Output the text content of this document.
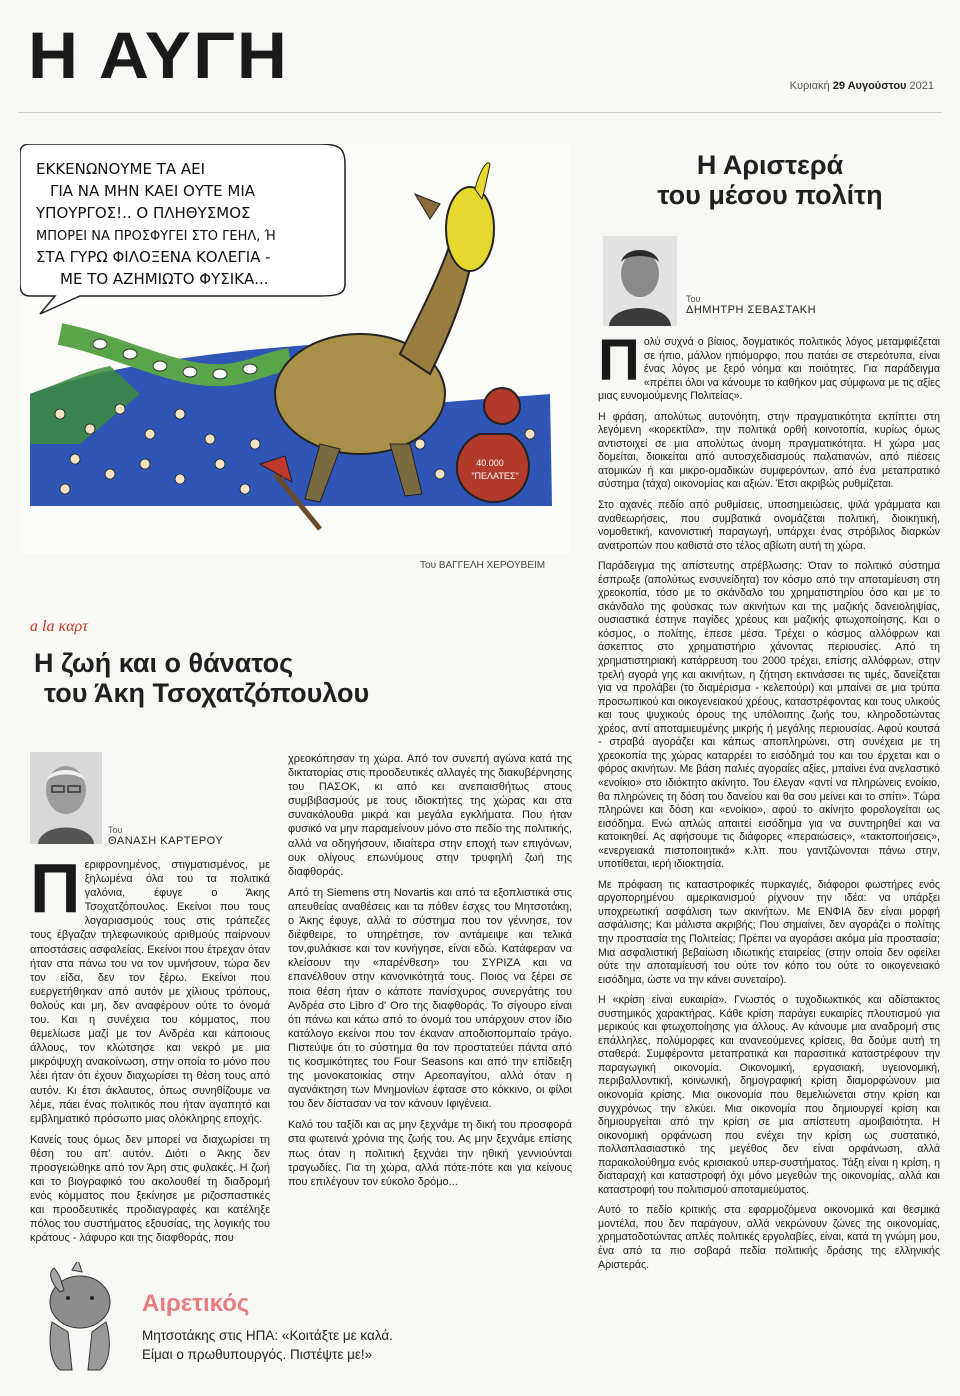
Η ΑΥΓΗ	Κυριακή 29 Αυγούστου 2021
40.000
"ΠΕΛΑΤΕΣ"
ΕΚΚΕΝΩΝΟΥΜΕ ΤΑ ΑΕΙ
ΓΙΑ ΝΑ ΜΗΝ ΚΑΕΙ ΟΥΤΕ ΜΙΑ
ΥΠΟΥΡΓΟΣ!.. Ο ΠΛΗΘΥΣΜΟΣ
ΜΠΟΡΕΙ ΝΑ ΠΡΟΣΦΥΓΕΙ ΣΤΟ ΓΕΗΛ, Ή
ΣΤΑ ΓΥΡΩ ΦΙΛΟΞΕΝΑ ΚΟΛΕΓΙΑ -
ΜΕ ΤΟ ΑΖΗΜΙΩΤΟ ΦΥΣΙΚΑ...
Του ΒΑΓΓΕΛΗ ΧΕΡΟΥΒΕΙΜ
a la καρτ
Η ζωή και ο θάνατος
του Άκη Τσοχατζόπουλου
Του
ΘΑΝΑΣΗ ΚΑΡΤΕΡΟΥ

Περιφρονημένος, στιγματισμένος, με ξηλωμένα όλα του τα πολιτικά γαλόνια, έφυγε ο Άκης Τσοχατζόπουλος. Εκείνοι που τους λογαριασμούς τους στις τράπεζες τους έβγαζαν τηλεφωνικούς αριθμούς παίρνουν αποστάσεις ασφαλείας. Εκείνοι που έτρεχαν όταν ήταν στα πάνω του να τον υμνήσουν, τώρα δεν τον είδα, δεν τον ξέρω. Εκείνοι που ευεργετήθηκαν από αυτόν με χίλιους τρόπους, θολούς και μη, δεν αναφέρουν ούτε το όνομά του. Και η συνέχεια του κόμματος, που θεμελίωσε μαζί με τον Ανδρέα και κάποιους άλλους, τον κλώτσησε και νεκρό με μια μικρόψυχη ανακοίνωση, στην οποία το μόνο που λέει ήταν ότι έχουν διαχωρίσει τη θέση τους από αυτόν. Κι έτσι άκλαυτος, όπως συνηθίζουμε να λέμε, πάει ένας πολιτικός που ήταν αγαπητό και εμβληματικό πρόσωπο μιας ολόκληρης εποχής.

Κανείς τους όμως δεν μπορεί να διαχωρίσει τη θέση του απ' αυτόν. Διότι ο Άκης δεν προσγειώθηκε από τον Άρη στις φυλακές. Η ζωή και το βιογραφικό του ακολουθεί τη διαδρομή ενός κόμματος που ξεκίνησε με ριζοσπαστικές και προοδευτικές προδιαγραφές και κατέληξε πόλος του συστήματος εξουσίας, της λογικής του κράτους - λάφυρο και της διαφθοράς, που

χρεοκόπησαν τη χώρα. Από τον συνεπή αγώνα κατά της δικτατορίας στις προοδευτικές αλλαγές της διακυβέρνησης του ΠΑΣΟΚ, κι από κει ανεπαισθήτως στους συμβιβασμούς με τους ιδιοκτήτες της χώρας και στα συνακόλουθα μικρά και μεγάλα εγκλήματα. Που ήταν φυσικό να μην παραμείνουν μόνο στο πεδίο της πολιτικής, αλλά να οδηγήσουν, ιδιαίτερα στην εποχή των επιγόνων, ουκ ολίγους επωνύμους στην τρυφηλή ζωή της διαφθοράς.

Από τη Siemens στη Novartis και από τα εξοπλιστικά στις απευθείας αναθέσεις και τα πόθεν έσχες του Μητσοτάκη, ο Άκης έφυγε, αλλά το σύστημα που τον γέννησε, τον διέφθειρε, το υπηρέτησε, τον αντάμειψε και τελικά τον,φυλάκισε και τον κυνήγησε, είναι εδώ. Κατάφεραν να κλείσουν την «παρένθεση» του ΣΥΡΙΖΑ και να επανέλθουν στην κανονικότητά τους. Ποιος να ξέρει σε ποια θέση ήταν ο κάποτε πανίσχυρος συνεργάτης του Ανδρέα στο Libro d' Oro της διαφθοράς. Το σίγουρο είναι ότι πάνω και κάτω από το όνομά του υπάρχουν στον ίδιο κατάλογο εκείνοι που τον έκαναν αποδιοπομπαίο τράγο. Πιστεύψε ότι το σύστημα θα τον προστατεύει πάντα από τις κοσμικότητες του Four Seasons και από την επίδειξη της μονοκατοικίας στην Αρεοπαγίτου, αλλά όταν η αγανάκτηση των Μνημονίων έφτασε στο κόκκινο, οι φίλοι του δεν δίστασαν να τον κάνουν Ιφιγένεια.

Καλό του ταξίδι και ας μην ξεχνάμε τη δική του προσφορά στα φωτεινά χρόνια της ζωής του. Ας μην ξεχνάμε επίσης πως όταν η πολιτική ξεχνάει την ηθική γεννιούνται τραγωδίες. Για τη χώρα, αλλά πότε-πότε και για κείνους που επιλέγουν τον εύκολο δρόμο...

Η Αριστερά
του μέσου πολίτη
Του
ΔΗΜΗΤΡΗ ΣΕΒΑΣΤΑΚΗ

Πολύ συχνά ο βίαιος, δογματικός πολιτικός λόγος μεταμφιέζεται σε ήπιο, μάλλον ηπιόμορφο, που πατάει σε στερεότυπα, είναι ένας λόγος με ξερό νόημα και ποιότητες. Για παράδειγμα «πρέπει όλοι να κάνουμε το καθήκον μας σύμφωνα με τις αξίες μιας ευνομούμενης Πολιτείας».

Η φράση, απολύτως αυτονόητη, στην πραγματικότητα εκπίπτει στη λεγόμενη «κορεκτίλα», την πολιτικά ορθή κοινοτοπία, κυρίως όμως αντιστοιχεί σε μια απολύτως άνομη πραγματικότητα. Η χώρα μας δομείται, διοικείται από αυτοσχεδιασμούς παλατιανών, από πιέσεις ατομικών ή και μικρο-ομαδικών συμφερόντων, από ένα μεταπρατικό σύστημα (τάχα) οικονομίας και αξιών. Έτσι ακριβώς ρυθμίζεται.

Στο αχανές πεδίο από ρυθμίσεις, υποσημειώσεις, ψιλά γράμματα και αναθεωρήσεις, που συμβατικά ονομάζεται πολιτική, διοικητική, νομοθετική, κανονιστική παραγωγή, υπάρχει ένας στρόβιλος διαρκών ανατροπών που καθιστά στο τέλος αβίωτη αυτή τη χώρα.

Παράδειγμα της απίστευτης στρέβλωσης: Όταν το πολιτικό σύστημα έσπρωξε (απολύτως ενσυνείδητα) τον κόσμο από την αποταμίευση στη χρεοκοπία, τόσο με το σκάνδαλο του χρηματιστηρίου όσο και με το σκάνδαλο της φούσκας των ακινήτων και της μαζικής δανειοληψίας, ουσιαστικά έστηνε παγίδες χρέους και μαζικής φτωχοποίησης. Και ο κόσμος, ο πολίτης, έπεσε μέσα. Τρέχει ο κόσμος αλλόφρων και άσκεπτος στο χρηματιστήριο χάνοντας περιουσίες. Από τη χρηματιστηριακή κατάρρευση του 2000 τρέχει, επίσης αλλόφρων, στην τρελή αγορά γης και ακινήτων, η ζήτηση εκτινάσσει τις τιμές, δανείζεται για να προλάβει (το διαμέρισμα - κελεπούρι) και μπαίνει σε μια τρύπα προσωπικού και οικογενειακού χρέους, καταστρέφοντας και τους υλικούς και τους ψυχικούς όρους της υπόλοιπης ζωής του, κληροδοτώντας χρέος, αντί αποταμιευμένης μικρής ή μεγάλης περιουσίας. Αφού κουτσά - στραβά αγοράζει και κάπως αποπληρώνει, στη συνέχεια με τη χρεοκοπία της χώρας καταρρέει το εισόδημά του και του έρχεται και ο φόρος ακινήτων. Με βάση παλιές αγοραίες αξίες, μπαίνει ένα ανελαστικό «ενοίκιο» στο ιδιόκτητο ακίνητο. Του έλεγαν «αντί να πληρώνεις ενοίκιο, θα πληρώνεις τη δόση του δανείου και θα σου μείνει και το σπίτι». Τώρα πληρώνει και δόση και «ενοίκιο», αφού το ακίνητο φορολογείται ως εισόδημα. Ενώ απλώς απαιτεί εισόδημα για να συντηρηθεί και να κατοικηθεί. Ας αφήσουμε τις διάφορες «περαιώσεις», «τακτοποιήσεις», «ενεργειακά πιστοποιητικά» κ.λπ. που γαντζώνονται πάνω στην, υποτίθεται, ιερή ιδιοκτησία.

Με πρόφαση τις καταστροφικές πυρκαγιές, διάφοροι φωστήρες ενός αργοπορημένου αμερικανισμού ρίχνουν την ιδέα: να υπάρξει υποχρεωτική ασφάλιση των ακινήτων. Με ΕΝΦΙΑ δεν είναι μορφή ασφάλισης; Και μάλιστα ακριβής; Που σημαίνει, δεν αγοράζει ο πολίτης την προστασία της Πολιτείας; Πρέπει να αγοράσει ακόμα μία προστασία; Μια ασφαλιστική βεβαίωση ιδιωτικής εταιρείας (στην οποία δεν οφείλει ούτε την αποταμίευσή του ούτε τον κόπο του ούτε το οικογενειακό εισόδημα, ώστε να την κάνει συνεταίρο).

Η «κρίση είναι ευκαιρία». Γνωστός ο τυχοδιωκτικός και αδίστακτος συστημικός χαρακτήρας. Κάθε κρίση παράγει ευκαιρίες πλουτισμού για μερικούς και φτωχοποίησης για άλλους. Αν κάνουμε μια αναδρομή στις επάλληλες, πολύμορφες και ανανεούμενες κρίσεις, θα δούμε αυτή τη σταθερά. Συμφέροντα μεταπρατικά και παρασιτικά καταστρέφουν την παραγωγική οικονομία. Οικονομική, εργασιακή, υγειονομική, περιβαλλοντική, κοινωνική, δημογραφική κρίση διαμορφώνουν μια οικονομία κρίσης. Μια οικονομία που θεμελιώνεται στην κρίση και συγχρόνως την ελκύει. Μια οικονομία που δημιουργεί κρίση και δημιουργείται από την κρίση σε μια απίστευτη αμοιβαιότητα. Η οικονομική ορφάνωση που ενέχει την κρίση ως συστατικό, πολλαπλασιαστικό της μεγέθος δεν είναι ορφάνωση, αλλά παρακολούθημα ενός κρισιακού υπερ-συστήματος. Τάξη είναι η κρίση, η διαταραχή και καταστροφή όχι μόνο μεγεθών της οικονομίας, αλλά και καταστροφή του πολιτισμού αποταμιεύματος.

Αυτό το πεδίο κριτικής στα εφαρμοζόμενα οικονομικά και θεσμικά μοντέλα, που δεν παράγουν, αλλά νεκρώνουν ζώνες της οικονομίας, χρηματοδοτώντας απλές πολιτικές εργολαβίες, είναι, κατά τη γνώμη μου, ένα από τα πιο σοβαρά πεδία πολιτικής δράσης της ελληνικής Αριστεράς.

Αιρετικός
Μητσοτάκης στις ΗΠΑ: «Κοιτάξτε με καλά.
Είμαι ο πρωθυπουργός. Πιστέψτε με!»
